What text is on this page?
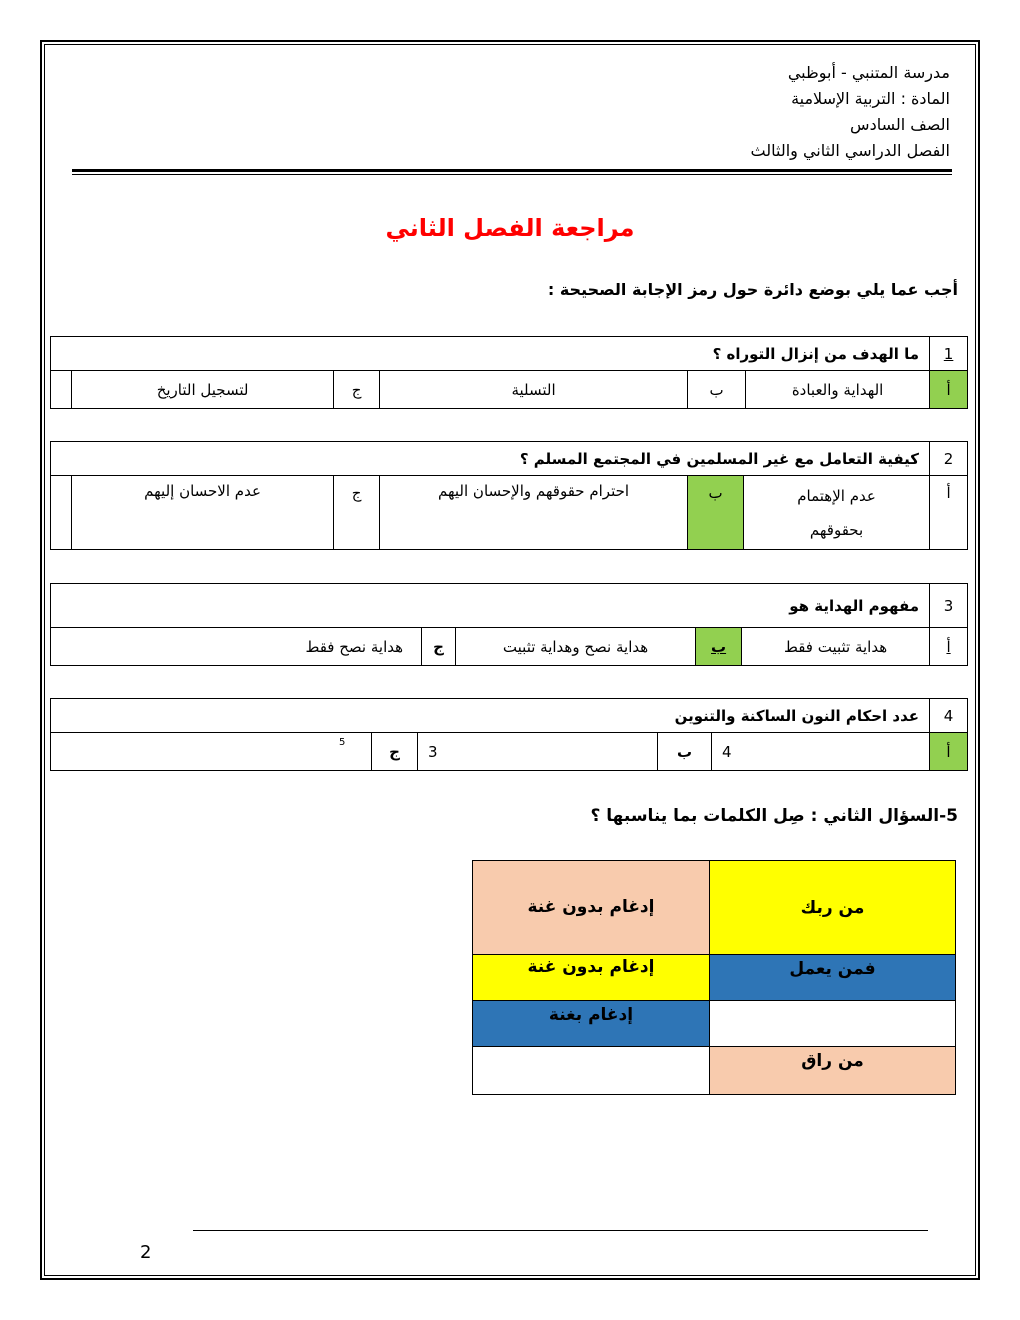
مدرسة المتنبي - أبوظبي
المادة : التربية الإسلامية
الصف السادس
الفصل الدراسي الثاني والثالث
مراجعة الفصل الثاني
أجب عما يلي بوضع دائرة حول رمز الإجابة الصحيحة :
1	ما الهدف من إنزال التوراه ؟					
أ	الهداية والعبادة	ب	التسلية	ج	لتسجيل التاريخ	
2	كيفية التعامل مع غير المسلمين في المجتمع المسلم ؟					
أ	عدم الإهتمام
بحقوقهم	ب	احترام حقوقهم والإحسان اليهم	ج	عدم الاحسان إليهم	
3	مفهوم الهداية هو				
أ	هداية تثبيت فقط	ب	هداية نصح وهداية تثبيت	ج	هداية نصح فقط
4	عدد احكام النون الساكنة والتنوين				
أ	4	ب	3	ج	5
5-السؤال الثاني : صِل الكلمات بما يناسبها ؟
من ربك	إدغام بدون غنة
فمن يعمل	إدغام بدون غنة
	إدغام بغنة
من راق	
2
